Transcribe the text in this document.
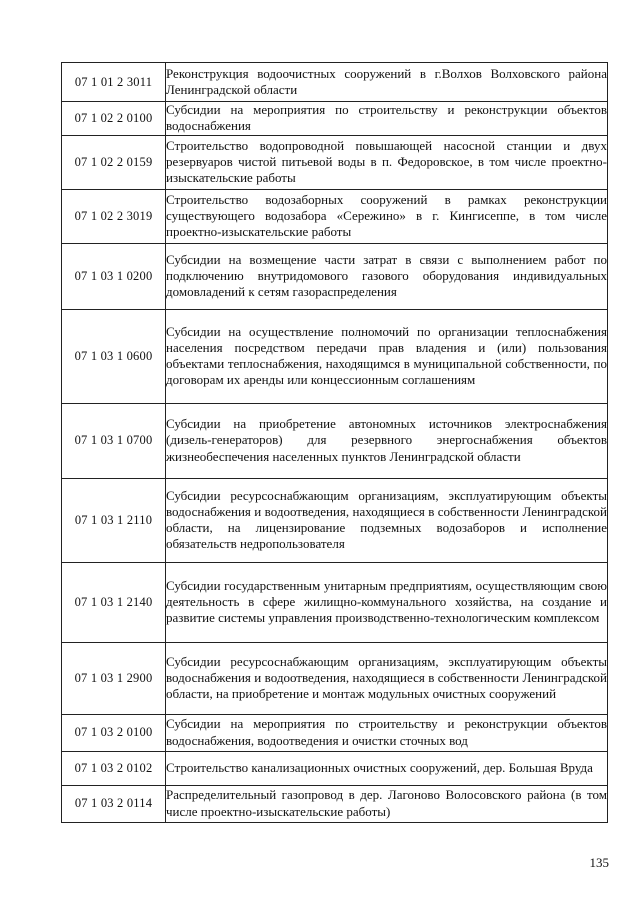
07 1 01 2 3011	Реконструкция водоочистных сооружений в г.Волхов Волховского района Ленинградской области
07 1 02 2 0100	Субсидии на мероприятия по строительству и реконструкции объектов водоснабжения
07 1 02 2 0159	Строительство водопроводной повышающей насосной станции и двух резервуаров чистой питьевой воды в п. Федоровское, в том числе проектно-изыскательские работы
07 1 02 2 3019	Строительство водозаборных сооружений в рамках реконструкции существующего водозабора «Сережино» в г. Кингисеппе, в том числе проектно-изыскательские работы
07 1 03 1 0200	Субсидии на возмещение части затрат в связи с выполнением работ по подключению внутридомового газового оборудования индивидуальных домовладений к сетям газораспределения
07 1 03 1 0600	Субсидии на осуществление полномочий по организации теплоснабжения населения посредством передачи прав владения и (или) пользования объектами теплоснабжения, находящимся в муниципальной собственности, по договорам их аренды или концессионным соглашениям
07 1 03 1 0700	Субсидии на приобретение автономных источников электроснабжения (дизель-генераторов) для резервного энергоснабжения объектов жизнеобеспечения населенных пунктов Ленинградской области
07 1 03 1 2110	Субсидии ресурсоснабжающим организациям, эксплуатирующим объекты водоснабжения и водоотведения, находящиеся в собственности Ленинградской области, на лицензирование подземных водозаборов и исполнение обязательств недропользователя
07 1 03 1 2140	Субсидии государственным унитарным предприятиям, осуществляющим свою деятельность в сфере жилищно-коммунального хозяйства, на создание и развитие системы управления производственно-технологическим комплексом
07 1 03 1 2900	Субсидии ресурсоснабжающим организациям, эксплуатирующим объекты водоснабжения и водоотведения, находящиеся в собственности Ленинградской области, на приобретение и монтаж модульных очистных сооружений
07 1 03 2 0100	Субсидии на мероприятия по строительству и реконструкции объектов водоснабжения, водоотведения и очистки сточных вод
07 1 03 2 0102	Строительство канализационных очистных сооружений, дер. Большая Вруда
07 1 03 2 0114	Распределительный газопровод в дер. Лагоново Волосовского района (в том числе проектно-изыскательские работы)
135
